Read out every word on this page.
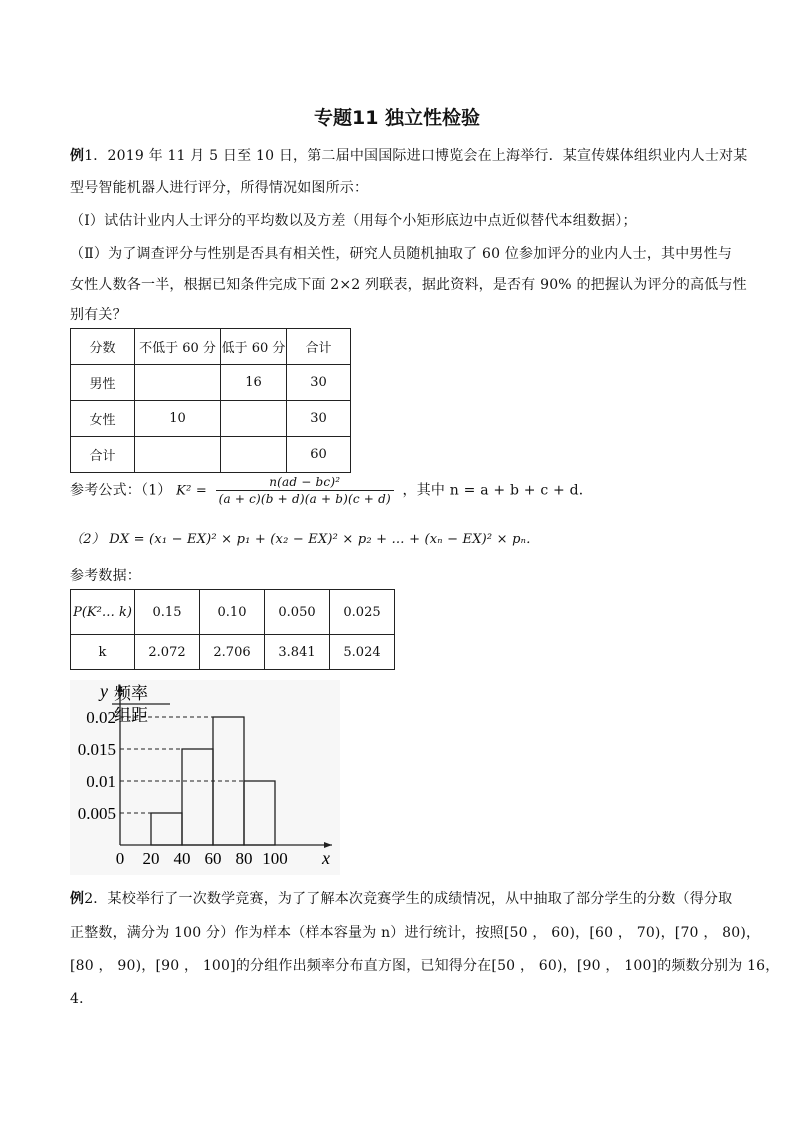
专题11 独立性检验
例1．2019 年 11 月 5 日至 10 日，第二届中国国际进口博览会在上海举行．某宣传媒体组织业内人士对某
型号智能机器人进行评分，所得情况如图所示：
（Ⅰ）试估计业内人士评分的平均数以及方差（用每个小矩形底边中点近似替代本组数据）；
（Ⅱ）为了调查评分与性别是否具有相关性，研究人员随机抽取了 60 位参加评分的业内人士，其中男性与
女性人数各一半，根据已知条件完成下面 2×2 列联表，据此资料，是否有 90% 的把握认为评分的高低与性
别有关？
分数	不低于 60 分	低于 60 分	合计
男性		16	30
女性	10		30
合计			60
参考公式：（1） $K^2 = \frac{\text{n(ad − bc)²}}{(a + c)(b + d)(a + b)(c + d)}$ ，其中 n = a + b + c + d．
（2） DX = (x₁ − EX)² × p₁ + (x₂ − EX)² × p₂ + … + (xₙ − EX)² × pₙ．
参考数据：
P(K²… k)	0.15	0.10	0.050	0.025
k	2.072	2.706	3.841	5.024
0.005
0.01
0.015
0.02
0 20 40 60 80 100
y 频率
组距
x
例2．某校举行了一次数学竞赛，为了了解本次竞赛学生的成绩情况，从中抽取了部分学生的分数（得分取
正整数，满分为 100 分）作为样本（样本容量为 n）进行统计，按照[50 ， 60)，[60 ， 70)，[70 ， 80)，
[80 ， 90)，[90 ， 100]的分组作出频率分布直方图，已知得分在[50 ， 60)，[90 ， 100]的频数分别为 16，
4．
